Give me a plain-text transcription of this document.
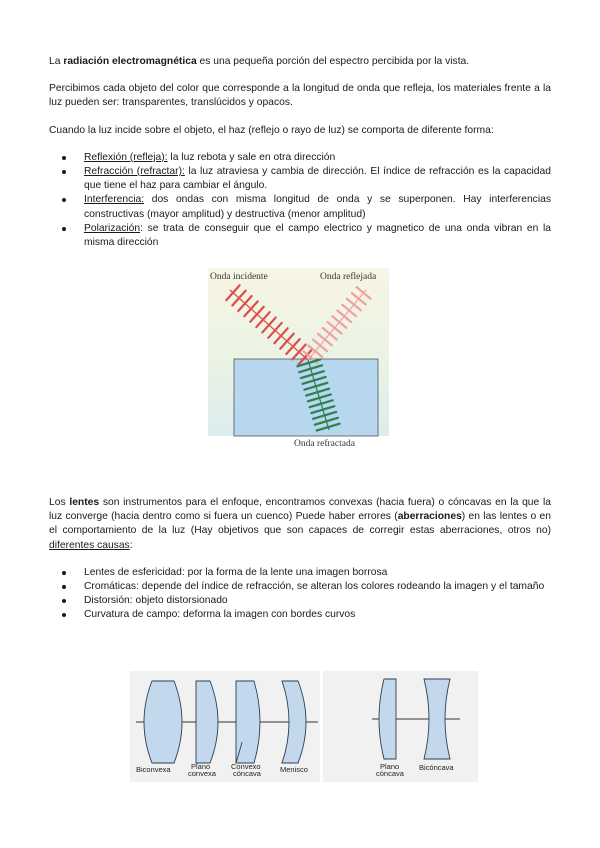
La radiación electromagnética es una pequeña porción del espectro percibida por la vista.

Percibimos cada objeto del color que corresponde a la longitud de onda que refleja, los materiales frente a la luz pueden ser: transparentes, translúcidos y opacos.

Cuando la luz incide sobre el objeto, el haz (reflejo o rayo de luz) se comporta de diferente forma:

Reflexión (refleja): la luz rebota y sale en otra dirección
Refracción (refractar): la luz atraviesa y cambia de dirección. El índice de refracción es la capacidad que tiene el haz para cambiar el ángulo.
Interferencia: dos ondas con misma longitud de onda y se superponen. Hay interferencias constructivas (mayor amplitud) y destructiva (menor amplitud)
Polarización: se trata de conseguir que el campo electrico y magnetico de una onda vibran en la misma dirección
Onda incidente	Onda reflejada
Onda refractada

Los lentes son instrumentos para el enfoque, encontramos convexas (hacia fuera) o cóncavas en la que la luz converge (hacia dentro como si fuera un cuenco) Puede haber errores (aberraciones) en las lentes o en el comportamiento de la luz (Hay objetivos que son capaces de corregir estas aberraciones, otros no) diferentes causas:

Lentes de esfericidad: por la forma de la lente una imagen borrosa
Cromáticas: depende del índice de refracción, se alteran los colores rodeando la imagen y el tamaño
Distorsión: objeto distorsionado
Curvatura de campo: deforma la imagen con bordes curvos
Biconvexa	Plano convexa
Convexo cóncava	Menisco	Plano cóncava
Bicóncava
